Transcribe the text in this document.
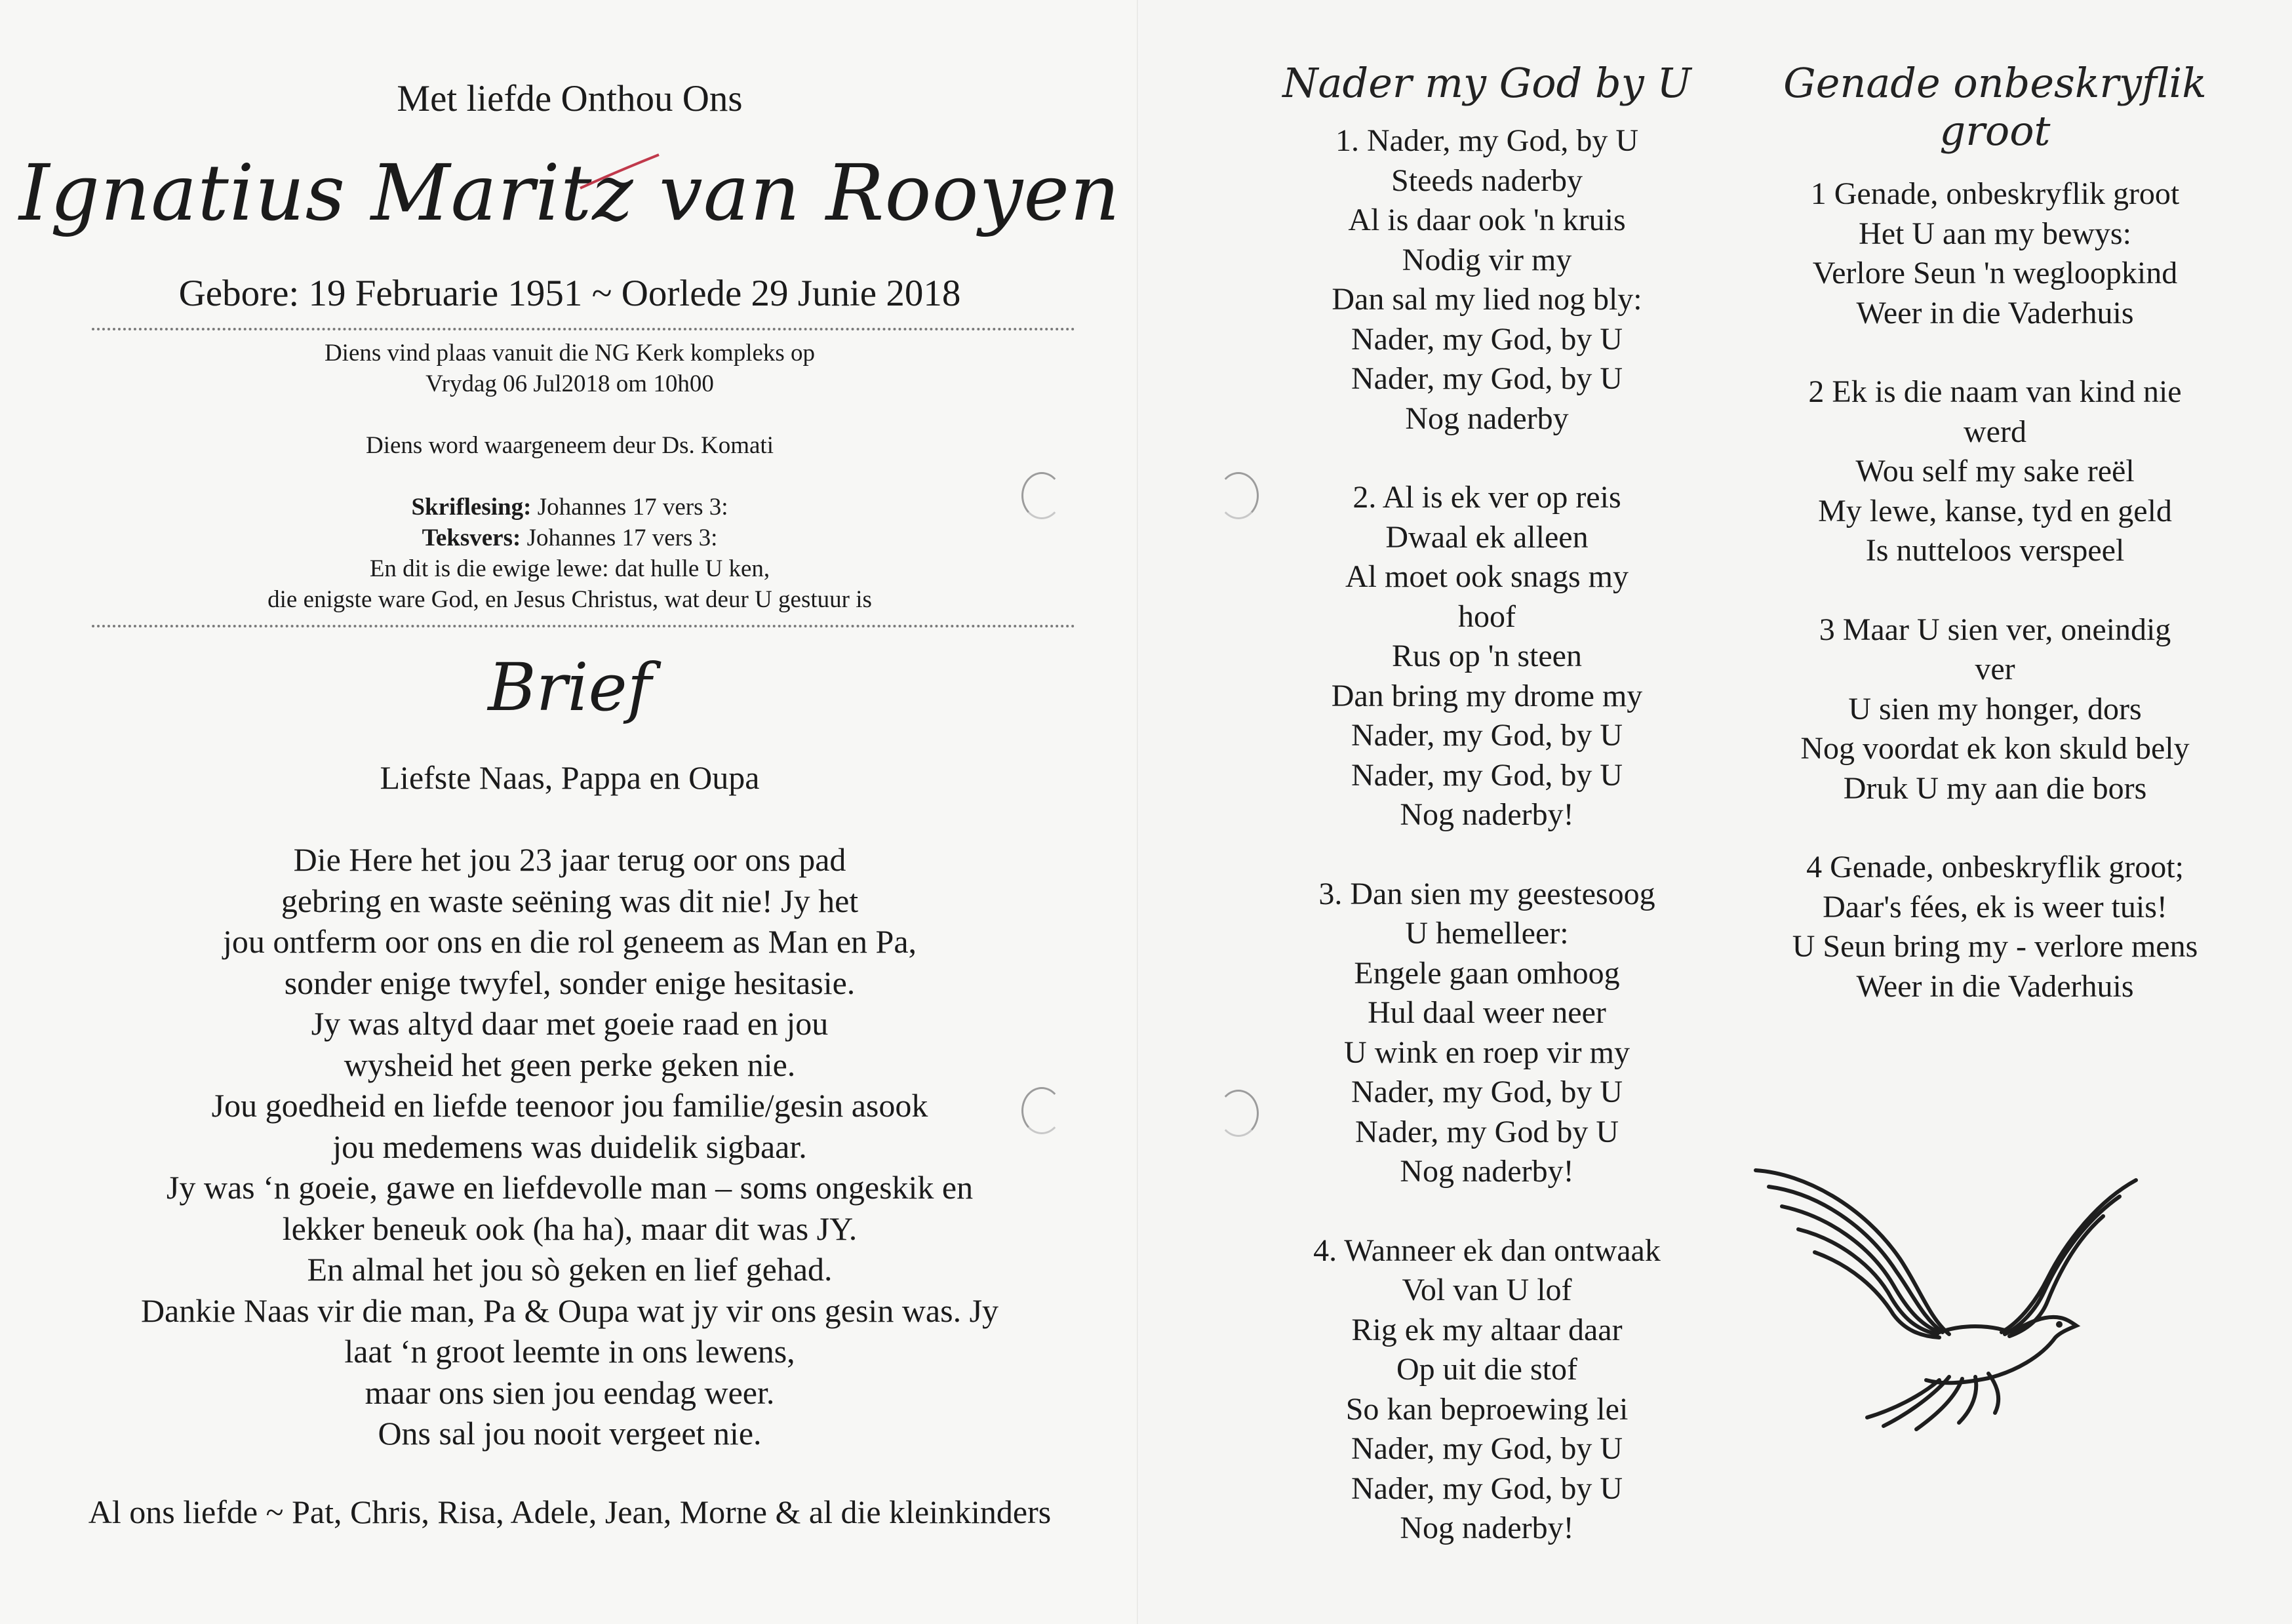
Met liefde Onthou Ons
Ignatius Maritz van Rooyen
Gebore: 19 Februarie 1951 ~ Oorlede 29 Junie 2018
Diens vind plaas vanuit die NG Kerk kompleks op
Vrydag 06 Jul2018 om 10h00
Diens word waargeneem deur Ds. Komati
Skriflesing: Johannes 17 vers 3:
Teksvers: Johannes 17 vers 3:
En dit is die ewige lewe: dat hulle U ken,
die enigste ware God, en Jesus Christus, wat deur U gestuur is
Brief
Liefste Naas, Pappa en Oupa
Die Here het jou 23 jaar terug oor ons pad
gebring en waste seëning was dit nie! Jy het
jou ontferm oor ons en die rol geneem as Man en Pa,
sonder enige twyfel, sonder enige hesitasie.
Jy was altyd daar met goeie raad en jou
wysheid het geen perke geken nie.
Jou goedheid en liefde teenoor jou familie/gesin asook
jou medemens was duidelik sigbaar.
Jy was ‘n goeie, gawe en liefdevolle man – soms ongeskik en
lekker beneuk ook (ha ha), maar dit was JY.
En almal het jou sò geken en lief gehad.
Dankie Naas vir die man, Pa & Oupa wat jy vir ons gesin was. Jy
laat ‘n groot leemte in ons lewens,
maar ons sien jou eendag weer.
Ons sal jou nooit vergeet nie.
Al ons liefde ~ Pat, Chris, Risa, Adele, Jean, Morne & al die kleinkinders
Nader my God by U
1. Nader, my God, by U
Steeds naderby
Al is daar ook 'n kruis
Nodig vir my
Dan sal my lied nog bly:
Nader, my God, by U
Nader, my God, by U
Nog naderby
2. Al is ek ver op reis
Dwaal ek alleen
Al moet ook snags my
hoof
Rus op 'n steen
Dan bring my drome my
Nader, my God, by U
Nader, my God, by U
Nog naderby!
3. Dan sien my geestesoog
U hemelleer:
Engele gaan omhoog
Hul daal weer neer
U wink en roep vir my
Nader, my God, by U
Nader, my God by U
Nog naderby!
4. Wanneer ek dan ontwaak
Vol van U lof
Rig ek my altaar daar
Op uit die stof
So kan beproewing lei
Nader, my God, by U
Nader, my God, by U
Nog naderby!
Genade onbeskryflik groot
1 Genade, onbeskryflik groot
Het U aan my bewys:
Verlore Seun 'n wegloopkind
Weer in die Vaderhuis
2 Ek is die naam van kind nie
werd
Wou self my sake reël
My lewe, kanse, tyd en geld
Is nutteloos verspeel
3 Maar U sien ver, oneindig
ver
U sien my honger, dors
Nog voordat ek kon skuld bely
Druk U my aan die bors
4 Genade, onbeskryflik groot;
Daar's fées, ek is weer tuis!
U Seun bring my - verlore mens
Weer in die Vaderhuis
